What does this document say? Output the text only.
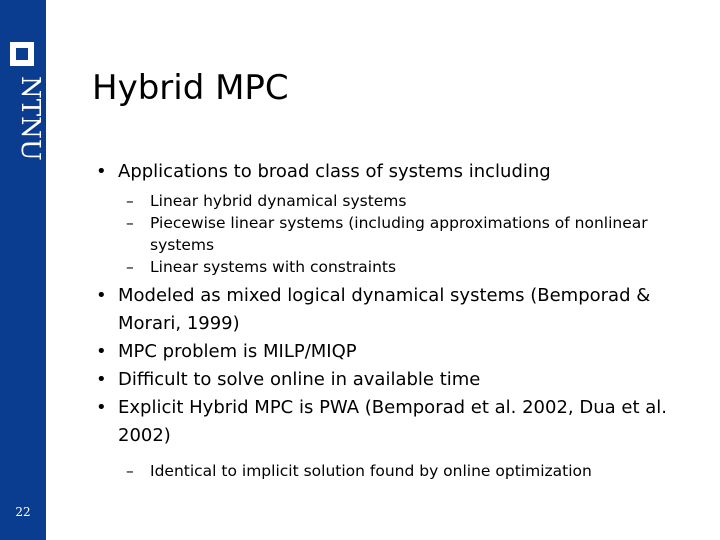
NTNU
22
Hybrid MPC
• Applications to broad class of systems including
– Linear hybrid dynamical systems
– Piecewise linear systems (including approximations of nonlinear systems
– Linear systems with constraints
• Modeled as mixed logical dynamical systems (Bemporad & Morari, 1999)
• MPC problem is MILP/MIQP
• Difficult to solve online in available time
• Explicit Hybrid MPC is PWA (Bemporad et al. 2002, Dua et al. 2002)
– Identical to implicit solution found by online optimization
